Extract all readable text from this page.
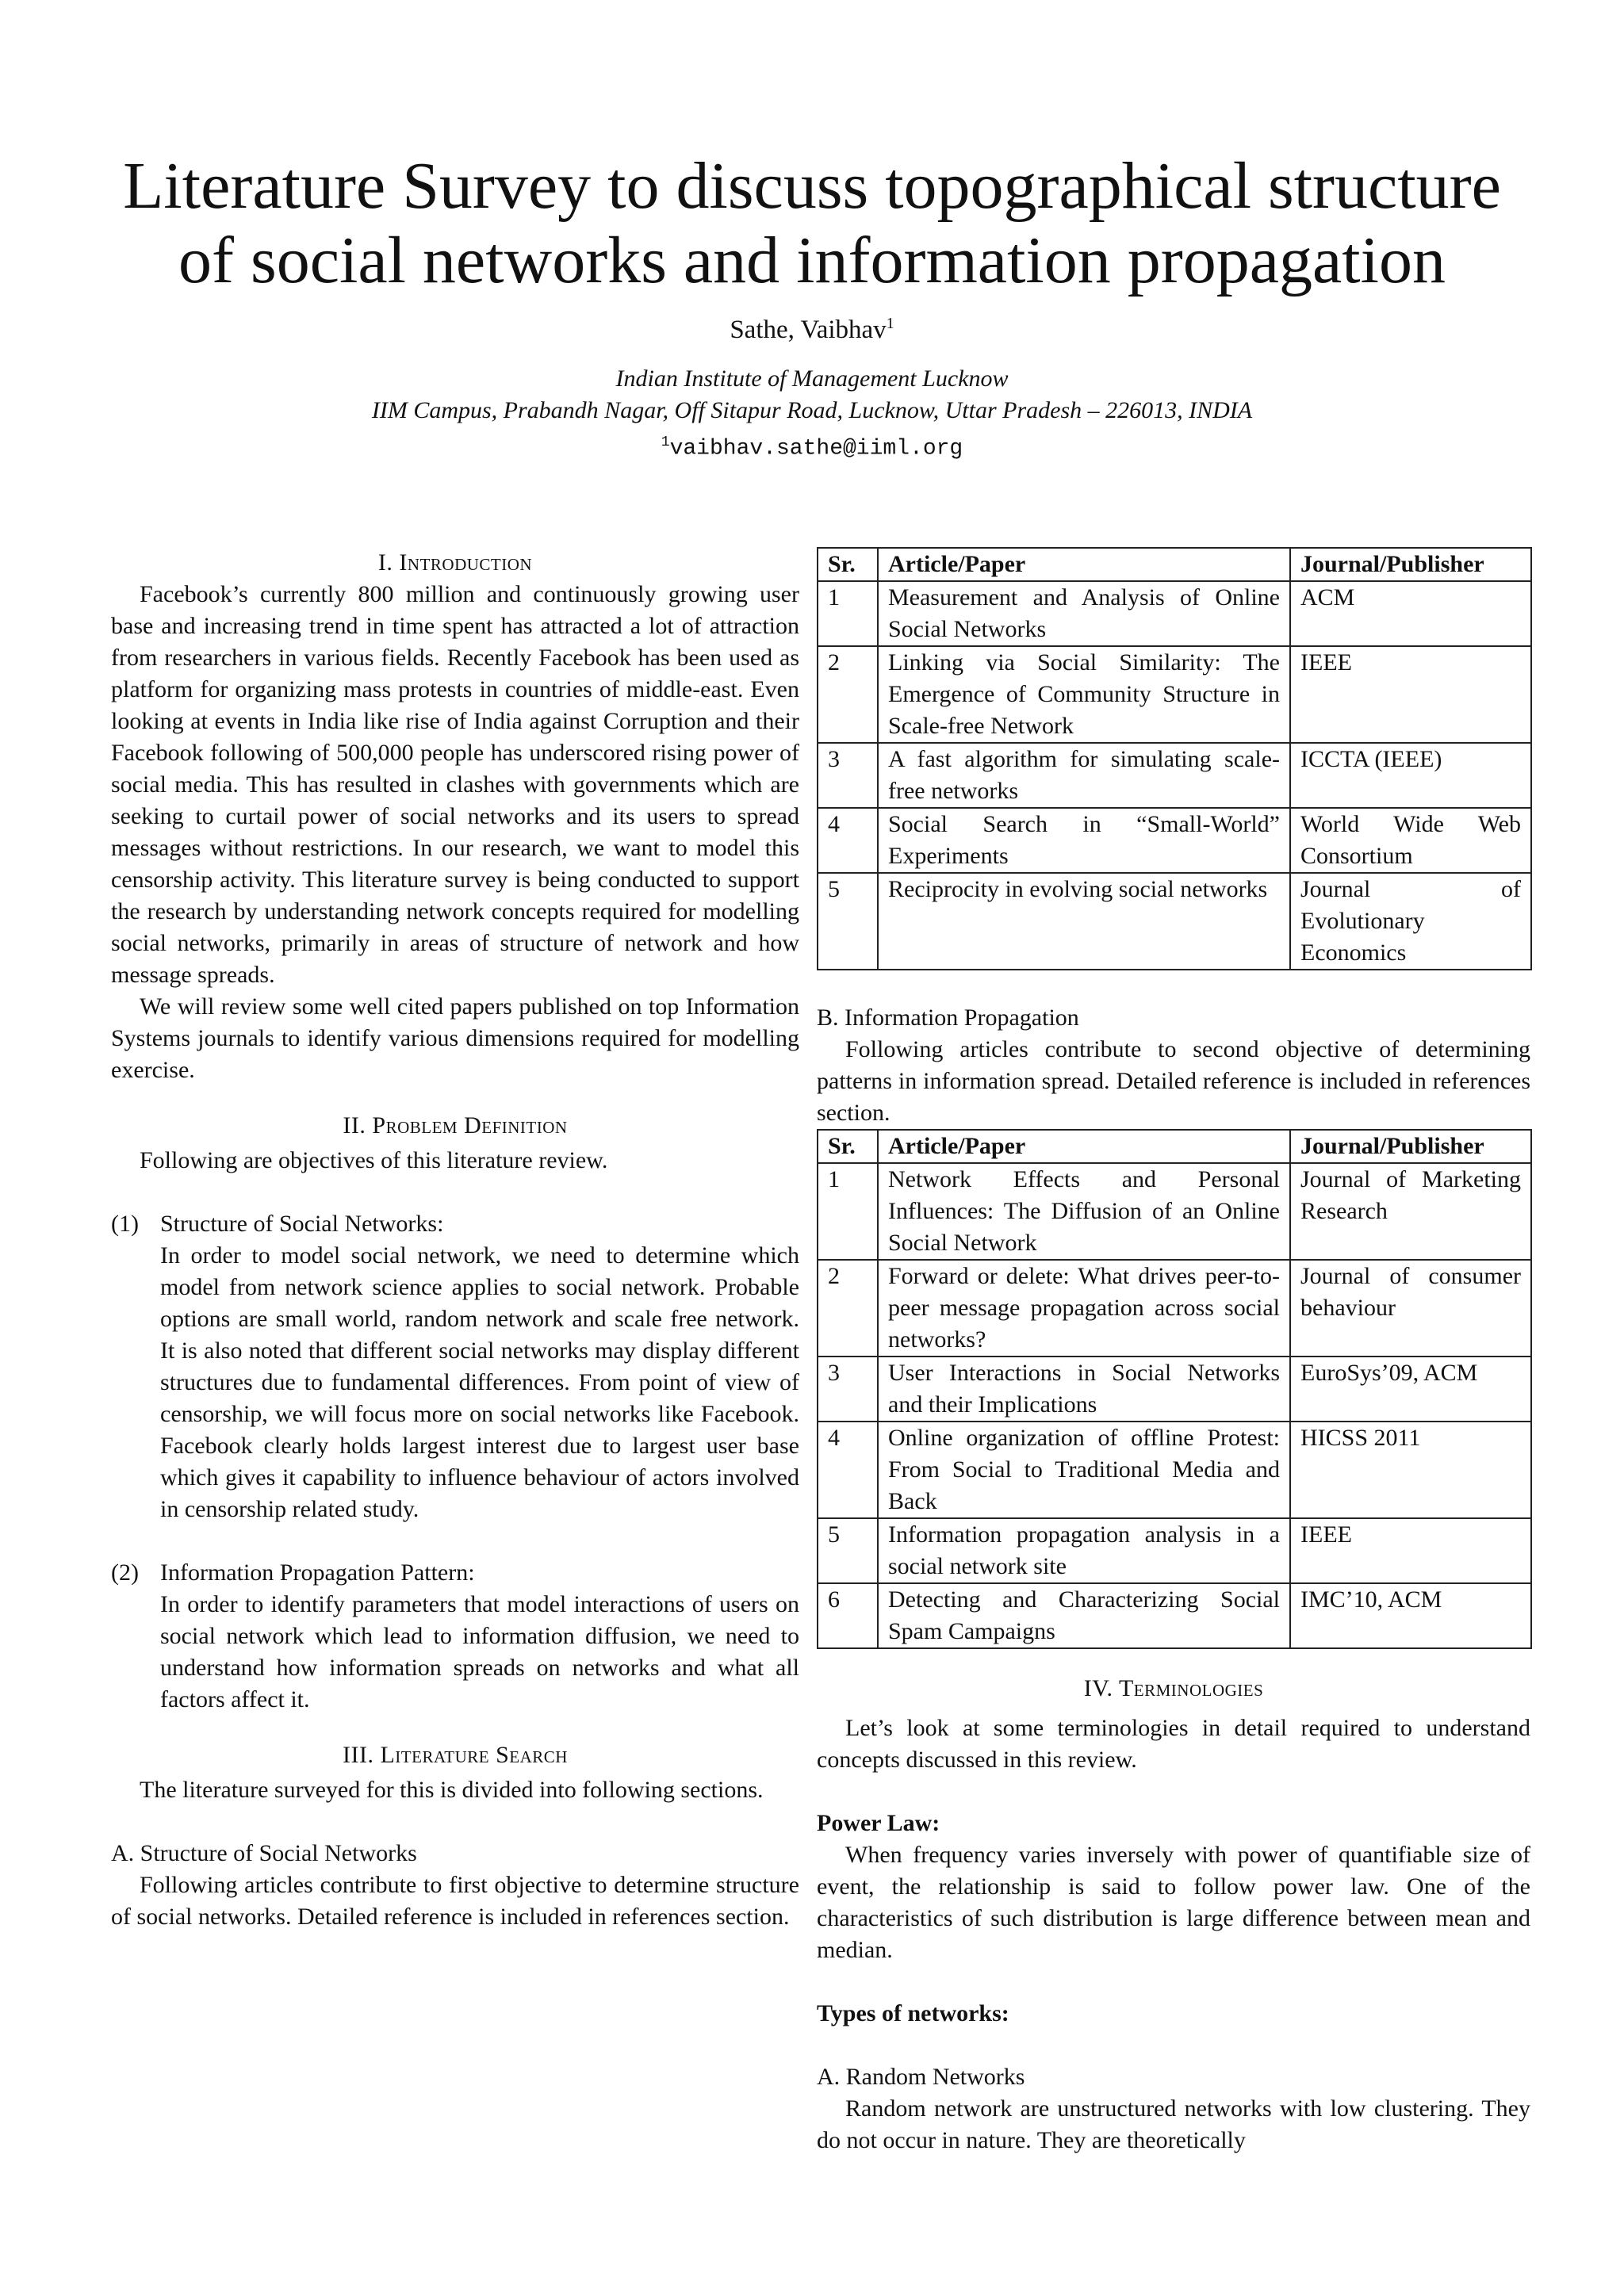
Literature Survey to discuss topographical structure
of social networks and information propagation
Sathe, Vaibhav$^1$
Indian Institute of Management Lucknow
IIM Campus, Prabandh Nagar, Off Sitapur Road, Lucknow, Uttar Pradesh – 226013, INDIA
$^1$vaibhav.sathe@iiml.org
I. Introduction

Facebook’s currently 800 million and continuously growing user base and increasing trend in time spent has attracted a lot of attraction from researchers in various fields. Recently Facebook has been used as platform for organizing mass protests in countries of middle-east. Even looking at events in India like rise of India against Corruption and their Facebook following of 500,000 people has underscored rising power of social media. This has resulted in clashes with governments which are seeking to curtail power of social networks and its users to spread messages without restrictions. In our research, we want to model this censorship activity. This literature survey is being conducted to support the research by understanding network concepts required for modelling social networks, primarily in areas of structure of network and how message spreads.

We will review some well cited papers published on top Information Systems journals to identify various dimensions required for modelling exercise.

II. Problem Definition

Following are objectives of this literature review.

(1) Structure of Social Networks:

In order to model social network, we need to determine which model from network science applies to social network. Probable options are small world, random network and scale free network. It is also noted that different social networks may display different structures due to fundamental differences. From point of view of censorship, we will focus more on social networks like Facebook. Facebook clearly holds largest interest due to largest user base which gives it capability to influence behaviour of actors involved in censorship related study.

(2) Information Propagation Pattern:

In order to identify parameters that model interactions of users on social network which lead to information diffusion, we need to understand how information spreads on networks and what all factors affect it.

III. Literature Search

The literature surveyed for this is divided into following sections.

A. Structure of Social Networks

Following articles contribute to first objective to determine structure of social networks. Detailed reference is included in references section.

Sr.	Article/Paper	Journal/Publisher
1	Measurement and Analysis of Online Social Networks	ACM
2	Linking via Social Similarity: The Emergence of Community Structure in Scale-free Network	IEEE
3	A fast algorithm for simulating scale-free networks	ICCTA (IEEE)
4	Social Search in “Small-World” Experiments	World Wide Web Consortium
5	Reciprocity in evolving social networks	Journal of Evolutionary Economics
B. Information Propagation

Following articles contribute to second objective of determining patterns in information spread. Detailed reference is included in references section.

Sr.	Article/Paper	Journal/Publisher
1	Network Effects and Personal Influences: The Diffusion of an Online Social Network	Journal of Marketing Research
2	Forward or delete: What drives peer-to-peer message propagation across social networks?	Journal of consumer behaviour
3	User Interactions in Social Networks and their Implications	EuroSys’09, ACM
4	Online organization of offline Protest: From Social to Traditional Media and Back	HICSS 2011
5	Information propagation analysis in a social network site	IEEE
6	Detecting and Characterizing Social Spam Campaigns	IMC’10, ACM
IV. Terminologies

Let’s look at some terminologies in detail required to understand concepts discussed in this review.

Power Law:

When frequency varies inversely with power of quantifiable size of event, the relationship is said to follow power law. One of the characteristics of such distribution is large difference between mean and median.

Types of networks:
A. Random Networks

Random network are unstructured networks with low clustering. They do not occur in nature. They are theoretically
